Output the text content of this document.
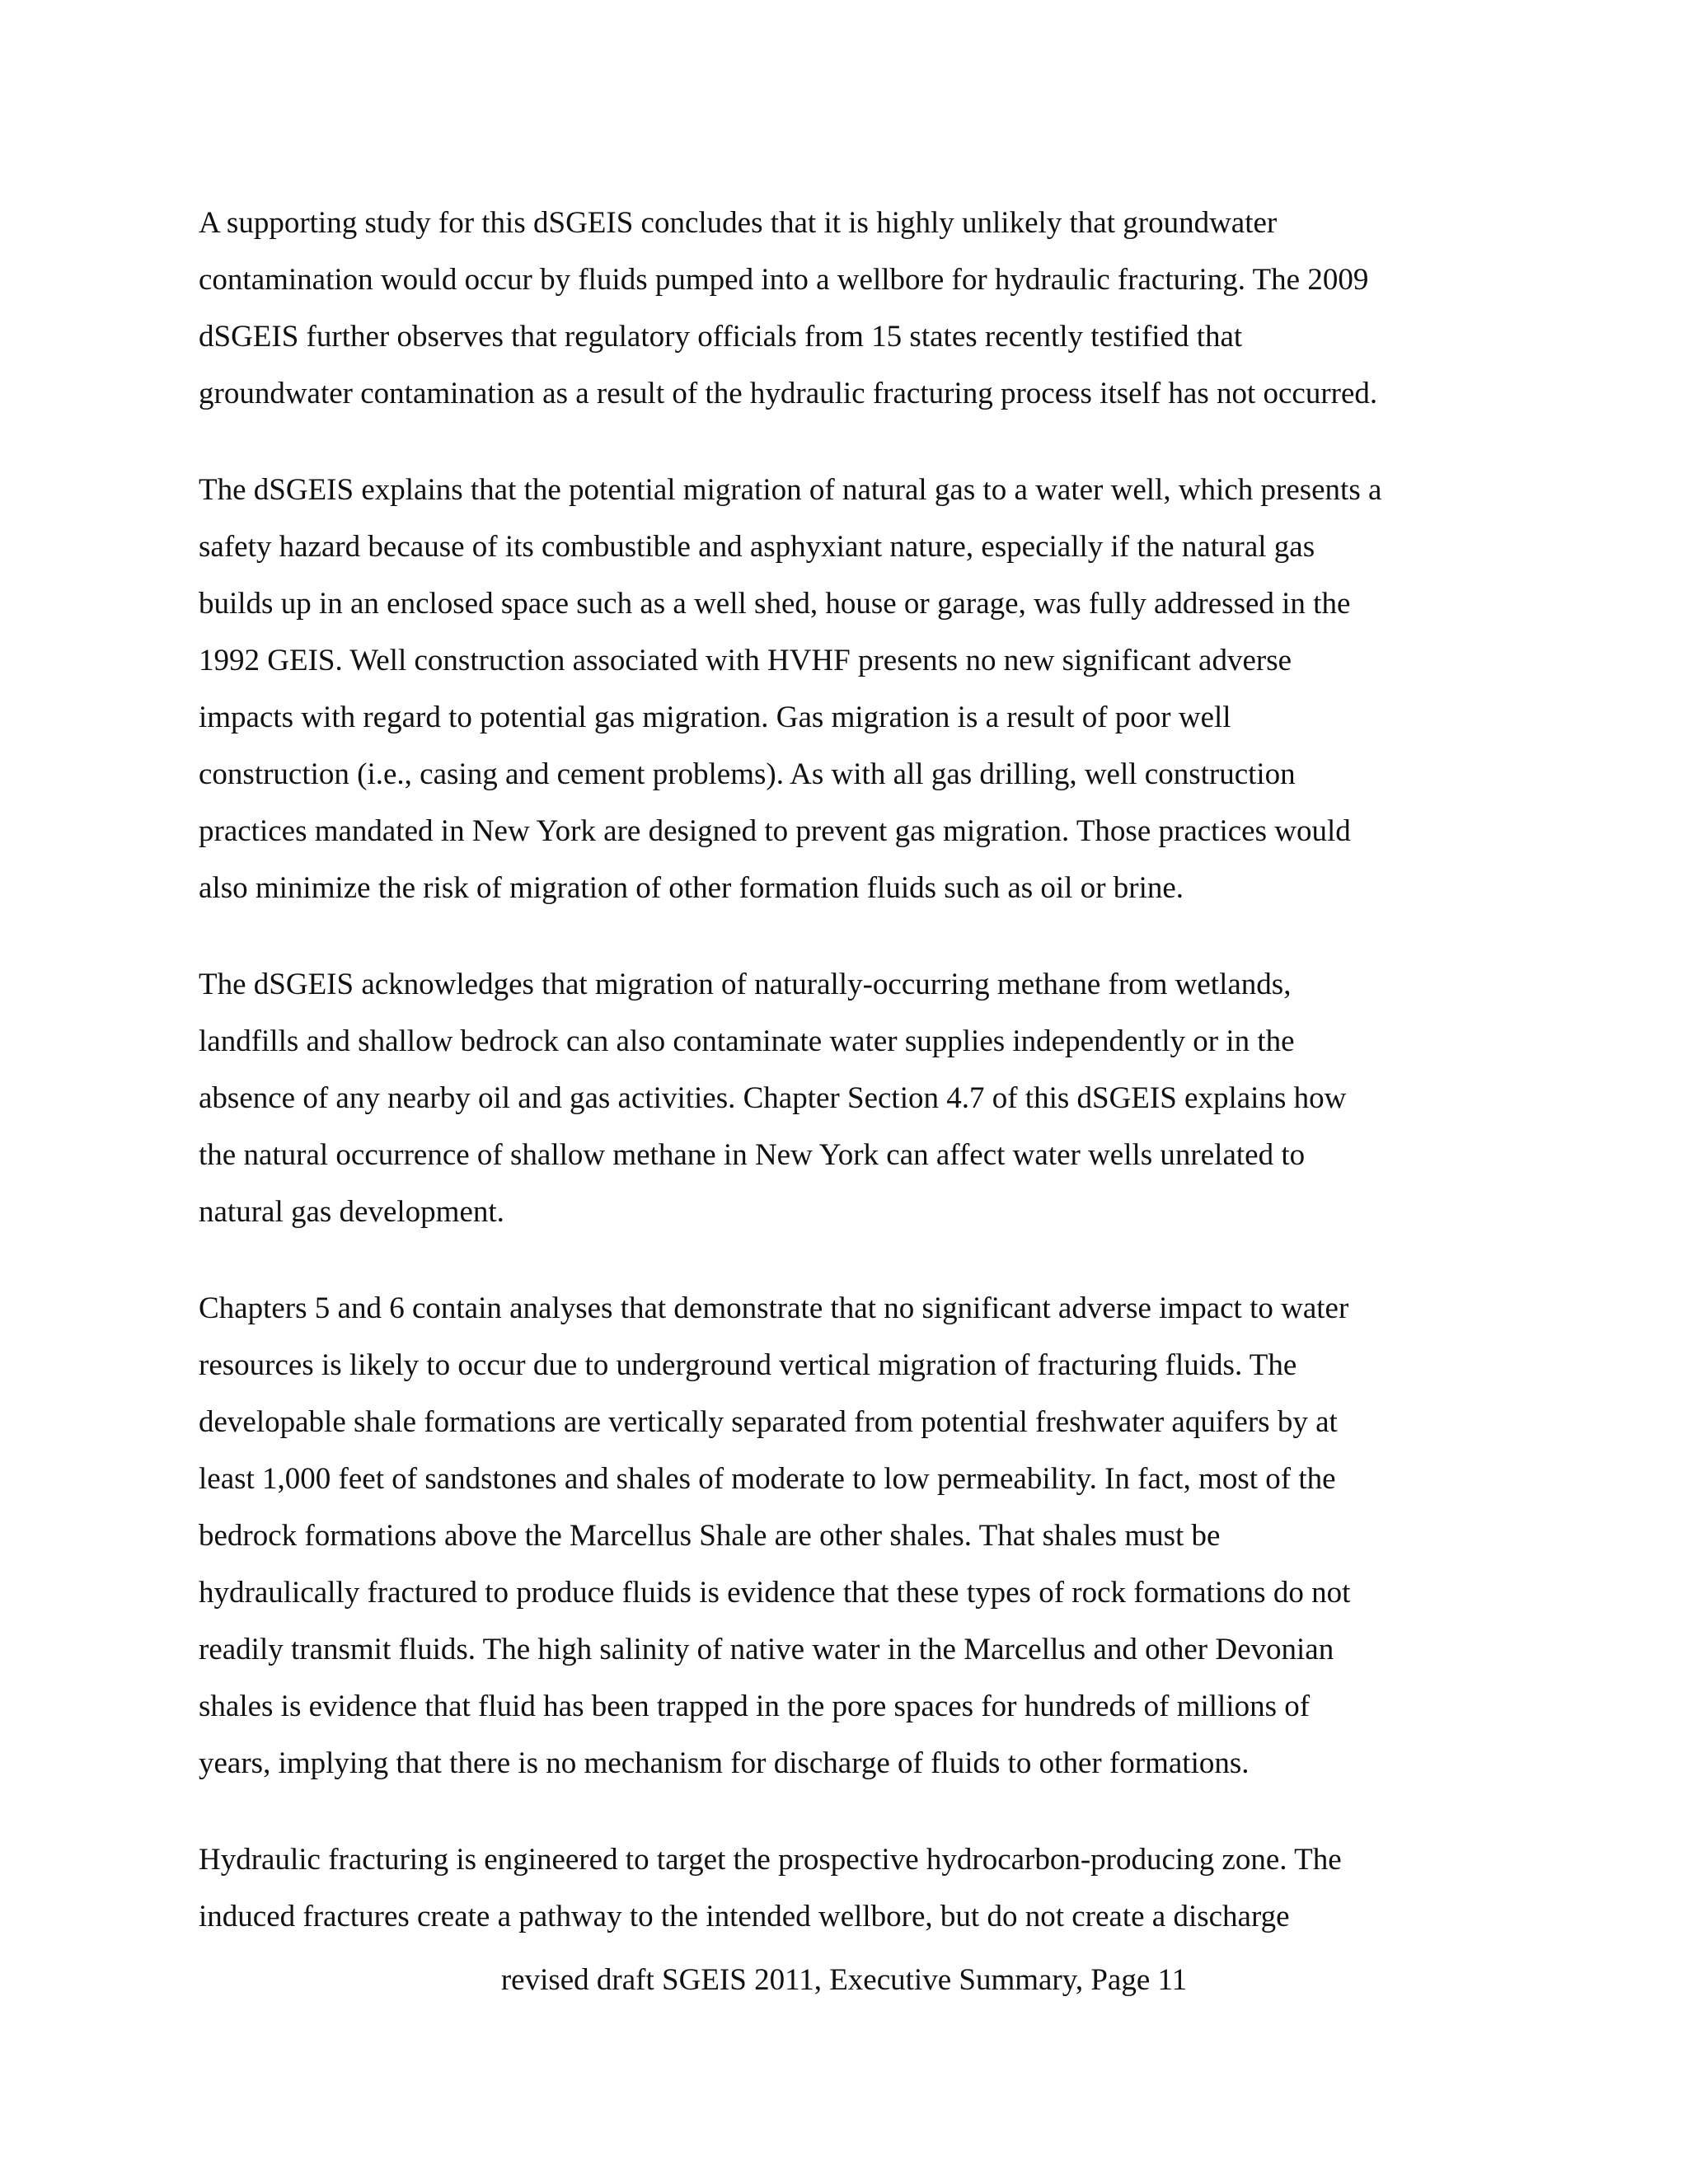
A supporting study for this dSGEIS concludes that it is highly unlikely that groundwater
contamination would occur by fluids pumped into a wellbore for hydraulic fracturing. The 2009
dSGEIS further observes that regulatory officials from 15 states recently testified that
groundwater contamination as a result of the hydraulic fracturing process itself has not occurred.

The dSGEIS explains that the potential migration of natural gas to a water well, which presents a
safety hazard because of its combustible and asphyxiant nature, especially if the natural gas
builds up in an enclosed space such as a well shed, house or garage, was fully addressed in the
1992 GEIS. Well construction associated with HVHF presents no new significant adverse
impacts with regard to potential gas migration. Gas migration is a result of poor well
construction (i.e., casing and cement problems). As with all gas drilling, well construction
practices mandated in New York are designed to prevent gas migration. Those practices would
also minimize the risk of migration of other formation fluids such as oil or brine.

The dSGEIS acknowledges that migration of naturally-occurring methane from wetlands,
landfills and shallow bedrock can also contaminate water supplies independently or in the
absence of any nearby oil and gas activities. Chapter Section 4.7 of this dSGEIS explains how
the natural occurrence of shallow methane in New York can affect water wells unrelated to
natural gas development.

Chapters 5 and 6 contain analyses that demonstrate that no significant adverse impact to water
resources is likely to occur due to underground vertical migration of fracturing fluids. The
developable shale formations are vertically separated from potential freshwater aquifers by at
least 1,000 feet of sandstones and shales of moderate to low permeability. In fact, most of the
bedrock formations above the Marcellus Shale are other shales. That shales must be
hydraulically fractured to produce fluids is evidence that these types of rock formations do not
readily transmit fluids. The high salinity of native water in the Marcellus and other Devonian
shales is evidence that fluid has been trapped in the pore spaces for hundreds of millions of
years, implying that there is no mechanism for discharge of fluids to other formations.

Hydraulic fracturing is engineered to target the prospective hydrocarbon-producing zone. The
induced fractures create a pathway to the intended wellbore, but do not create a discharge

revised draft SGEIS 2011, Executive Summary, Page 11
